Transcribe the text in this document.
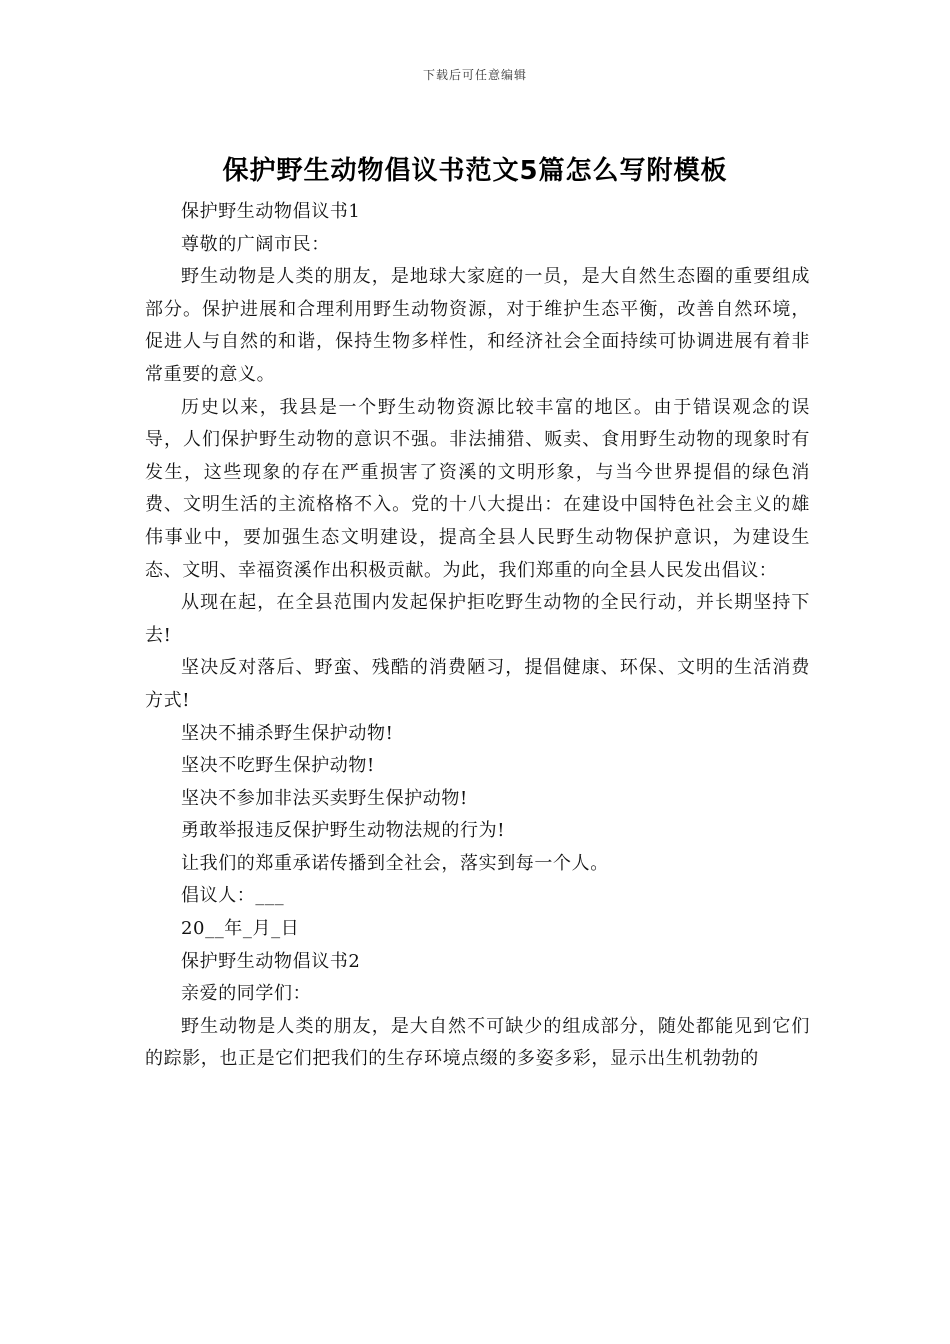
下载后可任意编辑
保护野生动物倡议书范文5篇怎么写附模板

保护野生动物倡议书1

尊敬的广阔市民：

野生动物是人类的朋友，是地球大家庭的一员，是大自然生态圈的重要组成部分。保护进展和合理利用野生动物资源，对于维护生态平衡，改善自然环境，促进人与自然的和谐，保持生物多样性，和经济社会全面持续可协调进展有着非常重要的意义。

历史以来，我县是一个野生动物资源比较丰富的地区。由于错误观念的误导，人们保护野生动物的意识不强。非法捕猎、贩卖、食用野生动物的现象时有发生，这些现象的存在严重损害了资溪的文明形象，与当今世界提倡的绿色消费、文明生活的主流格格不入。党的十八大提出：在建设中国特色社会主义的雄伟事业中，要加强生态文明建设，提高全县人民野生动物保护意识，为建设生态、文明、幸福资溪作出积极贡献。为此，我们郑重的向全县人民发出倡议：

从现在起，在全县范围内发起保护拒吃野生动物的全民行动，并长期坚持下去!

坚决反对落后、野蛮、残酷的消费陋习，提倡健康、环保、文明的生活消费方式!

坚决不捕杀野生保护动物!

坚决不吃野生保护动物!

坚决不参加非法买卖野生保护动物!

勇敢举报违反保护野生动物法规的行为!

让我们的郑重承诺传播到全社会，落实到每一个人。

倡议人：___

20__年_月_日

保护野生动物倡议书2

亲爱的同学们：

野生动物是人类的朋友，是大自然不可缺少的组成部分，随处都能见到它们的踪影，也正是它们把我们的生存环境点缀的多姿多彩，显示出生机勃勃的
